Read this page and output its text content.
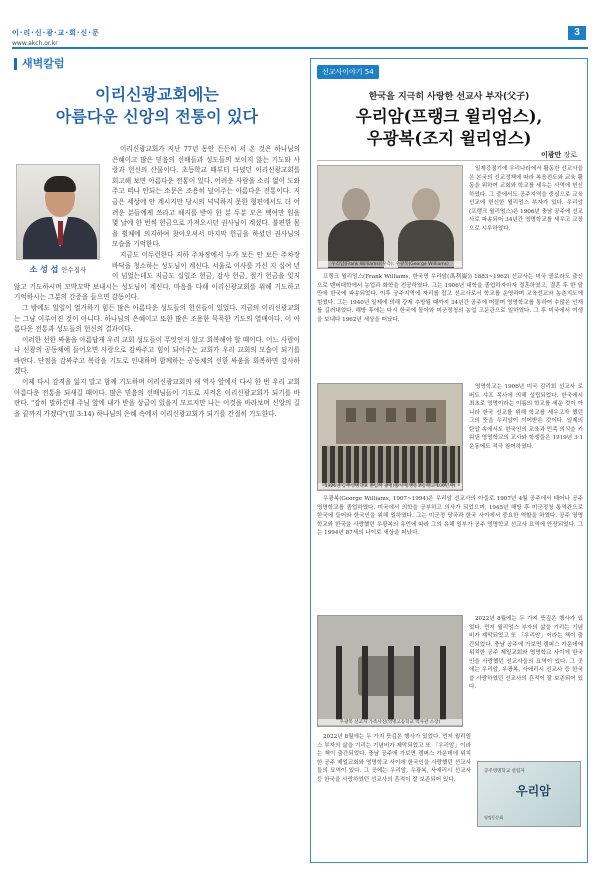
이·리·신·광·교·회·신·문
www.akch.or.kr
3
새벽칼럼
이리신광교회에는
아름다운 신앙의 전통이 있다
소 성 섭 안수집사

이리신광교회가 지난 77년 동안 든든히 서 온 것은 하나님의 은혜이고 많은 믿음의 선배들과 성도들의 보이지 않는 기도와 사랑과 헌신의 산물이다. 초등학교 때부터 다녔던 이리신광교회를 회고해 보면 아름다운 전통이 있다. 어려운 사람을 소리 없이 도와주고 떠나 안되는 소문은 조용히 덮어주는 아름다운 전통이다. 지금은 세상에 안 계시지만 당시의 넉넉하지 못한 형편에서도 더 어려운 분들에게 쓰라고 헤지를 받아 한 분 두분 모은 백여만 원을 몇 날에 한 번씩 헌금으로 가져오시던 권사님이 계셨다. 불편한 몸을 휠체에 의지하여 찾아오셔서 마지막 헌금을 하셨던 권사님의 모습을 기억한다.

지금도 이두런한다 지하 주차장에서 누가 보든 안 보든 주차장 바닥을 청소하는 성도님이 계신다. 서울로 이사를 가신 지 십여 년이 넘었는데도 지금도 십일조 헌금, 감사 헌금, 절기 헌금을 잊지 않고 기도하시며 꼬박꼬박 보내시는 성도님이 계신다. 마음을 다해 이리신광교회를 위해 기도하고 기억하시는 그분의 간증을 들으면 감동이다.

그 밖에도 일일이 열거하기 힘든 많은 아름다운 성도들의 헌신들이 있었다. 지금의 이리신광교회는 그냥 이루어진 것이 아니다. 하나님의 은혜이고 또한 많은 조용한 묵묵한 기도의 열매이다. 이 아름다운 전통과 성도들의 헌신의 결과이다.

이러한 선한 싸움을 아름답게 우리 교회 성도들이 무엇인지 알고 회복해야 할 때이다. 어느 사람이나 신광의 공동체에 들어오면 사랑으로 감싸주고 힘이 되어주는 교회가 우리 교회의 모습이 되기를 바란다. 단점을 감싸주고 복락을 기도로 인내하며 함께하는 공동체의 선한 싸움을 회복하면 감사하겠다.

이제 다시 감격을 잃지 말고 함께 기도하며 이리신광교회의 새 역사 앞에서 다시 한 번 우리 교회 아름다운 전통을 되새길 때이다. 많은 믿음의 선배님들이 기도로 지켜온 이리신광교회가 되기를 바란다. "감히 말하건대 주님 앞에 내가 받을 상급이 있을지 모르지만 나는 이것을 바라보며 신앙의 길을 끝까지 가겠다"(빌 3:14) 하나님의 은혜 속에서 이리신광교회가 되기를 간절히 기도한다.

선교사이야기 54
한국을 지극히 사랑한 선교사 부자(父子)
우리암(프랭크 윌리엄스),
우광복(조지 윌리엄스)
이광만 장로
우리암(Frank Williams)(우측), 우광복(George Williams)

일제강점기에 우리나라에서 활동한 선교사들은 본국의 선교정책에 따라 복음전도와 교육 활동을 위하여 교회와 학교를 세우는 사역에 헌신하였다. 그 중에서도 공주지역을 중심으로 교육선교에 헌신한 윌리엄스 부자가 있다. 우리암(프랭크 윌리엄스)은 1906년 충남 공주에 선교사로 파송되어 34년간 영명학교를 세우고 교장으로 시무하였다.

프랭크 윌리엄스(Frank Williams, 한국명 우리암(禹利巖)) 1883~1962) 선교사는 미국 콜로라도 출신으로 덴버대학에서 농업과 화학을 전공하였다. 그는 1906년 대학을 졸업하자마자 결혼하였고, 결혼 후 한 달 만에 한국에 파송되었다. 이후 공주지역에 자리를 잡고 선교사로서 학교를 운영하며 교육선교와 농촌지도에 힘썼다. 그는 1940년 일제에 의해 강제 추방될 때까지 34년간 공주에 머물며 영명학교를 통하여 수많은 인재를 길러내었다. 해방 후에는 다시 한국에 돌아와 미군정청의 농업 고문관으로 일하였다. 그 후 미국에서 여생을 보내다 1962년 세상을 떠났다.

1926년 공주영명학교 졸업식 광경(출처 영명중고등학교 100년사)

영명학교는 1906년 미국 감리회 선교사 로버트 샤프 목사에 의해 설립되었다. 한국에서 최초로 영명이라는 이름의 학교를 세운 것이 아니라 한국 선교를 위해 학교를 세우고자 했던 그의 뜻을 우리암이 이어받은 것이다. 일제의 탄압 속에서도 한국인의 교육과 민족 의식을 키워낸 영명학교의 교사와 학생들은 1919년 3·1 운동에도 적극 참여하였다.

우광복(George Williams, 1907~1994)은 우리암 선교사의 아들로 1907년 4월 공주에서 태어나 공주 영명학교를 졸업하였다. 미국에서 의학을 공부하고 의사가 되었으며, 1945년 해방 후 미군정청 통역관으로 한국에 들어와 한국인을 위해 일하였다. 그는 미군정 당국과 한국 사이에서 중요한 역할을 하였다. 공주 영명학교와 한국을 사랑했던 우광복의 유언에 따라 그의 유해 일부가 공주 영명학교 선교사 묘역에 안장되었다. 그는 1994년 87세의 나이로 세상을 떠났다.

우광복 선교사 가족사진(영명고등학교 역사관 소장)

2022년 8월에는 두 가지 뜻깊은 행사가 있었다. 먼저 윌리엄스 부자의 삶을 기리는 기념비가 제막되었고 또 「우리암」이라는 책이 출간되었다. 충남 공주에 가보면 캠퍼스 가운데에 위치한 공주 제일교회와 영명학교 사이에 한국인을 사랑했던 선교사들의 묘역이 있다. 그 곳에는 우리암, 우광복, 사애리시 선교사 등 한국을 사랑하였던 선교사의 흔적이 잘 보존되어 있다.

2022년 8월에는 두 가지 뜻깊은 행사가 있었다. 먼저 윌리엄스 부자의 삶을 기리는 기념비가 제막되었고 또 「우리암」이라는 책이 출간되었다. 충남 공주에 가보면 캠퍼스 가운데에 위치한 공주 제일교회와 영명학교 사이에 한국인을 사랑했던 선교사들의 묘역이 있다. 그 곳에는 우리암, 우광복, 사애리시 선교사 등 한국을 사랑하였던 선교사의 흔적이 잘 보존되어 있다.

공주영명학교 설립자
우리암
영명동문회
